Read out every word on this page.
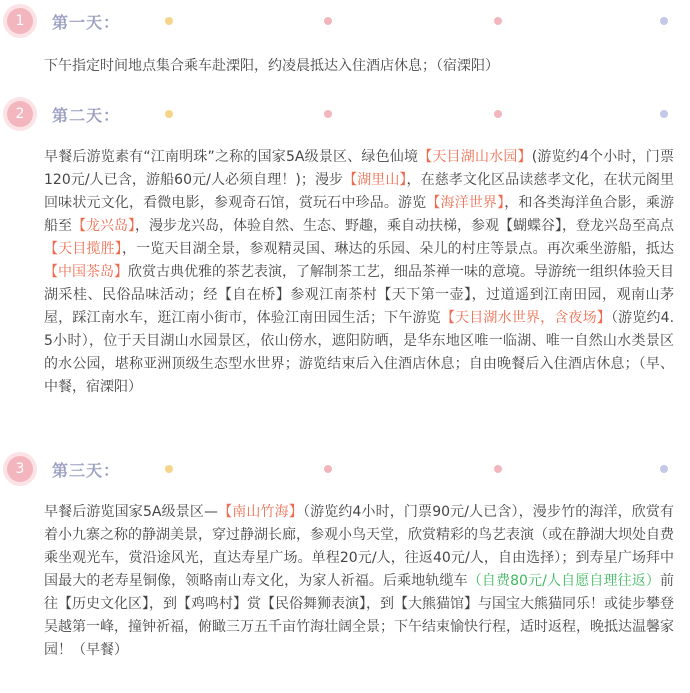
1	第一天：
下午指定时间地点集合乘车赴溧阳，约凌晨抵达入住酒店休息；（宿溧阳）
2	第二天：
早餐后游览素有“江南明珠”之称的国家5A级景区、绿色仙境【天目湖山水园】(游览约4个小时，门票120元/人已含，游船60元/人必须自理！)；漫步【湖里山】，在慈孝文化区品读慈孝文化，在状元阁里回味状元文化，看微电影，参观奇石馆，赏玩石中珍品。游览【海洋世界】，和各类海洋鱼合影，乘游船至【龙兴岛】，漫步龙兴岛，体验自然、生态、野趣，乘自动扶梯，参观【蝴蝶谷】，登龙兴岛至高点【天目揽胜】，一览天目湖全景，参观精灵国、琳达的乐园、朵儿的村庄等景点。再次乘坐游船，抵达【中国茶岛】欣赏古典优雅的茶艺表演，了解制茶工艺，细品茶禅一味的意境。导游统一组织体验天目湖采桂、民俗品味活动；经【自在桥】参观江南茶村【天下第一壶】，过道遥到江南田园，观南山茅屋，踩江南水车，逛江南小街市，体验江南田园生活；下午游览【天目湖水世界，含夜场】（游览约4.5小时），位于天目湖山水园景区，依山傍水，遮阳防晒，是华东地区唯一临湖、唯一自然山水类景区的水公园，堪称亚洲顶级生态型水世界；游览结束后入住酒店休息；自由晚餐后入住酒店休息；（早、中餐，宿溧阳）
3	第三天：
早餐后游览国家5A级景区—【南山竹海】（游览约4小时，门票90元/人已含），漫步竹的海洋，欣赏有着小九寨之称的静湖美景，穿过静湖长廊，参观小鸟天堂，欣赏精彩的鸟艺表演（或在静湖大坝处自费乘坐观光车，赏沿途风光，直达寿星广场。单程20元/人，往返40元/人，自由选择）；到寿星广场拜中国最大的老寿星铜像，领略南山寿文化，为家人祈福。后乘地轨缆车（自费80元/人自愿自理往返）前往【历史文化区】，到【鸡鸣村】赏【民俗舞狮表演】，到【大熊猫馆】与国宝大熊猫同乐！或徒步攀登吴越第一峰，撞钟祈福，俯瞰三万五千亩竹海壮阔全景；下午结束愉快行程，适时返程，晚抵达温馨家园！（早餐）
